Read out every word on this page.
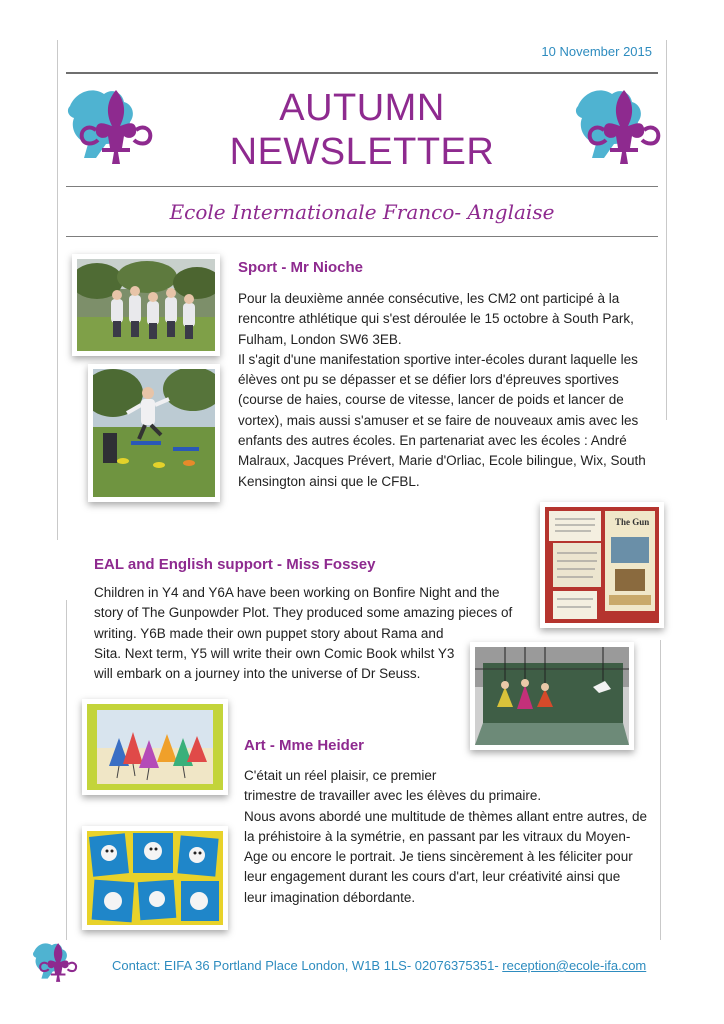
10 November 2015
AUTUMN
NEWSLETTER
Ecole Internationale Franco- Anglaise
Sport - Mr Nioche
Pour la deuxième année consécutive, les CM2 ont participé à la
rencontre athlétique qui s'est déroulée le 15 octobre à South Park,
Fulham, London SW6 3EB.
Il s'agit d'une manifestation sportive inter-écoles durant laquelle les
élèves ont pu se dépasser et se défier lors d'épreuves sportives
(course de haies, course de vitesse, lancer de poids et lancer de
vortex), mais aussi s'amuser et se faire de nouveaux amis avec les
enfants des autres écoles. En partenariat avec les écoles : André
Malraux, Jacques Prévert, Marie d'Orliac, Ecole bilingue, Wix, South
Kensington ainsi que le CFBL.
The Gun
EAL and English support - Miss Fossey
Children in Y4 and Y6A have been working on Bonfire Night and the
story of The Gunpowder Plot. They produced some amazing pieces of
writing. Y6B made their own puppet story about Rama and
Sita. Next term, Y5 will write their own Comic Book whilst Y3
will embark on a journey into the universe of Dr Seuss.
Art - Mme Heider
C'était un réel plaisir, ce premier
trimestre de travailler avec les élèves du primaire.
Nous avons abordé une multitude de thèmes allant entre autres, de
la préhistoire à la symétrie, en passant par les vitraux du Moyen-
Age ou encore le portrait. Je tiens sincèrement à les féliciter pour
leur engagement durant les cours d'art, leur créativité ainsi que
leur imagination débordante.
Contact: EIFA 36 Portland Place London, W1B 1LS- 02076375351- reception@ecole-ifa.com
